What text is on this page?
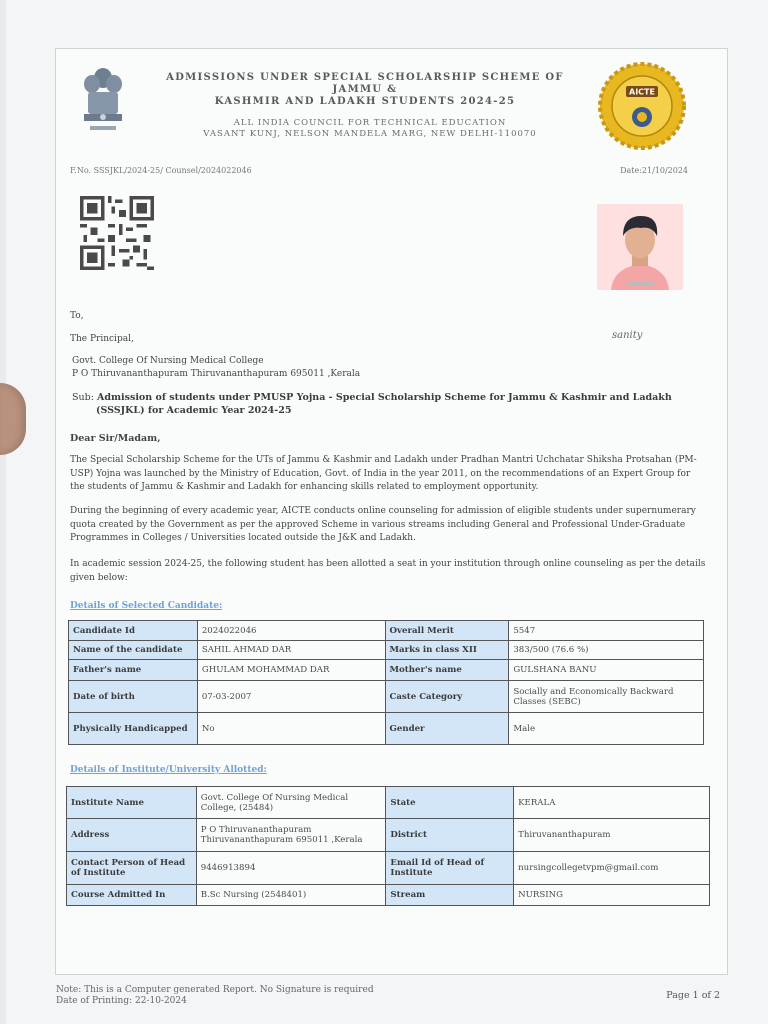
AICTE
ADMISSIONS UNDER SPECIAL SCHOLARSHIP SCHEME OF JAMMU &
KASHMIR AND LADAKH STUDENTS 2024-25
ALL INDIA COUNCIL FOR TECHNICAL EDUCATION
VASANT KUNJ, NELSON MANDELA MARG, NEW DELHI-110070
F.No. SSSJKL/2024-25/ Counsel/2024022046	Date:21/10/2024
sanity
To,
The Principal,
Govt. College Of Nursing Medical College
P O Thiruvananthapuram Thiruvananthapuram 695011 ,Kerala
Sub: Admission of students under PMUSP Yojna - Special Scholarship Scheme for Jammu & Kashmir and Ladakh
(SSSJKL) for Academic Year 2024-25
Dear Sir/Madam,
The Special Scholarship Scheme for the UTs of Jammu & Kashmir and Ladakh under Pradhan Mantri Uchchatar Shiksha Protsahan (PM-USP) Yojna was launched by the Ministry of Education, Govt. of India in the year 2011, on the recommendations of an Expert Group for the students of Jammu & Kashmir and Ladakh for enhancing skills related to employment opportunity.
During the beginning of every academic year, AICTE conducts online counseling for admission of eligible students under supernumerary quota created by the Government as per the approved Scheme in various streams including General and Professional Under-Graduate Programmes in Colleges / Universities located outside the J&K and Ladakh.
In academic session 2024-25, the following student has been allotted a seat in your institution through online counseling as per the details given below:
Details of Selected Candidate:
Candidate Id	2024022046	Overall Merit	5547
Name of the candidate	SAHIL AHMAD DAR	Marks in class XII	383/500 (76.6 %)
Father's name	GHULAM MOHAMMAD DAR	Mother's name	GULSHANA BANU
Date of birth	07-03-2007	Caste Category	Socially and Economically Backward Classes (SEBC)
Physically Handicapped	No	Gender	Male
Details of Institute/University Allotted:
Institute Name	Govt. College Of Nursing Medical College, (25484)	State	KERALA
Address	P O Thiruvananthapuram Thiruvananthapuram 695011 ,Kerala	District	Thiruvananthapuram
Contact Person of Head of Institute	9446913894	Email Id of Head of Institute	nursingcollegetvpm@gmail.com
Course Admitted In	B.Sc Nursing (2548401)	Stream	NURSING
Note: This is a Computer generated Report. No Signature is required
Date of Printing: 22-10-2024	Page 1 of 2
